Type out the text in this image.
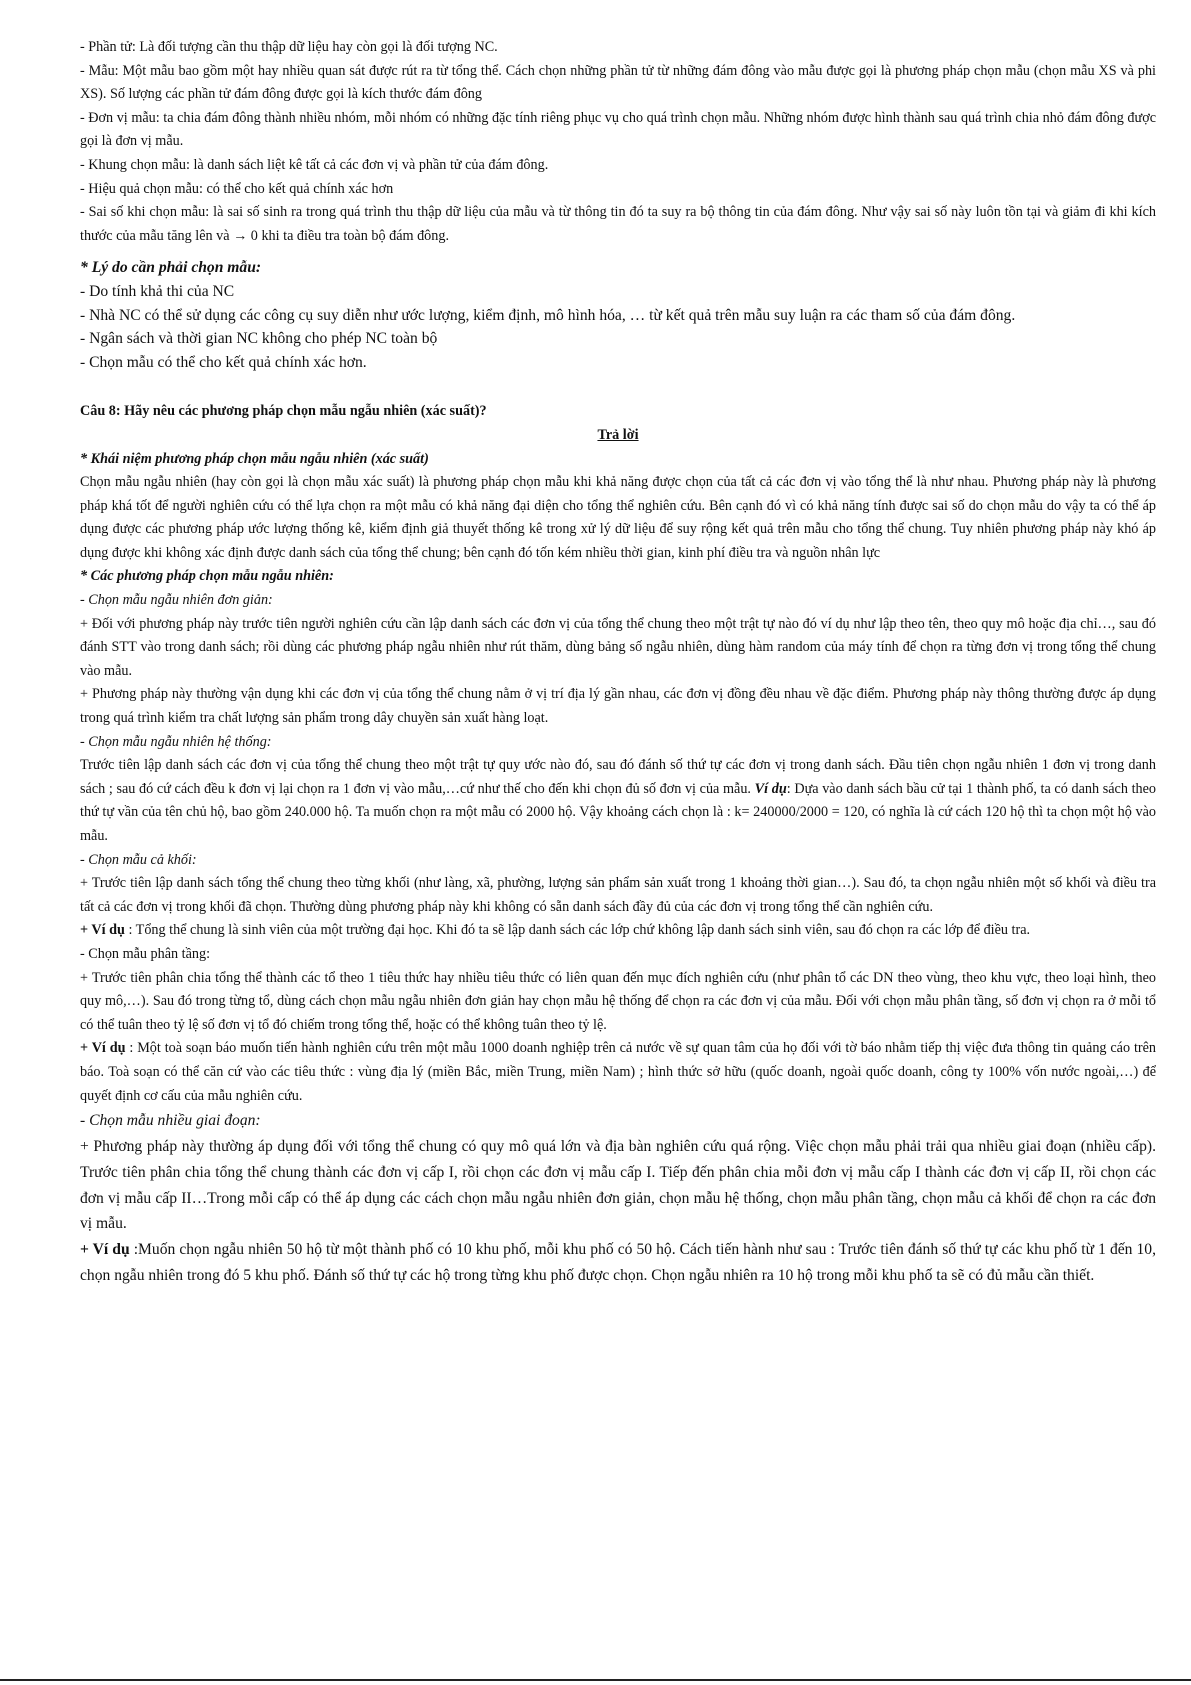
- Phần tử: Là đối tượng cần thu thập dữ liệu hay còn gọi là đối tượng NC.

- Mẫu: Một mẫu bao gồm một hay nhiều quan sát được rút ra từ tổng thể. Cách chọn những phần tử từ những đám đông vào mẫu được gọi là phương pháp chọn mẫu (chọn mẫu XS và phi XS). Số lượng các phần tử đám đông được gọi là kích thước đám đông

- Đơn vị mẫu: ta chia đám đông thành nhiều nhóm, mỗi nhóm có những đặc tính riêng phục vụ cho quá trình chọn mẫu. Những nhóm được hình thành sau quá trình chia nhỏ đám đông được gọi là đơn vị mẫu.

- Khung chọn mẫu: là danh sách liệt kê tất cả các đơn vị và phần tử của đám đông.

- Hiệu quả chọn mẫu: có thể cho kết quả chính xác hơn

- Sai số khi chọn mẫu: là sai số sinh ra trong quá trình thu thập dữ liệu của mẫu và từ thông tin đó ta suy ra bộ thông tin của đám đông. Như vậy sai số này luôn tồn tại và giảm đi khi kích thước của mẫu tăng lên và → 0 khi ta điều tra toàn bộ đám đông.

* Lý do cần phải chọn mẫu:

- Do tính khả thi của NC

- Nhà NC có thể sử dụng các công cụ suy diễn như ước lượng, kiểm định, mô hình hóa, … từ kết quả trên mẫu suy luận ra các tham số của đám đông.

- Ngân sách và thời gian NC không cho phép NC toàn bộ

- Chọn mẫu có thể cho kết quả chính xác hơn.

Câu 8: Hãy nêu các phương pháp chọn mẫu ngẫu nhiên (xác suất)?

Trả lời

* Khái niệm phương pháp chọn mẫu ngẫu nhiên (xác suất)

Chọn mẫu ngẫu nhiên (hay còn gọi là chọn mẫu xác suất) là phương pháp chọn mẫu khi khả năng được chọn của tất cả các đơn vị vào tổng thể là như nhau. Phương pháp này là phương pháp khá tốt để người nghiên cứu có thể lựa chọn ra một mẫu có khả năng đại diện cho tổng thể nghiên cứu. Bên cạnh đó vì có khả năng tính được sai số do chọn mẫu do vậy ta có thể áp dụng được các phương pháp ước lượng thống kê, kiểm định giả thuyết thống kê trong xử lý dữ liệu để suy rộng kết quả trên mẫu cho tổng thể chung. Tuy nhiên phương pháp này khó áp dụng được khi không xác định được danh sách của tổng thể chung; bên cạnh đó tốn kém nhiều thời gian, kinh phí điều tra và nguồn nhân lực

* Các phương pháp chọn mẫu ngẫu nhiên:

- Chọn mẫu ngẫu nhiên đơn giản:

+ Đối với phương pháp này trước tiên người nghiên cứu cần lập danh sách các đơn vị của tổng thể chung theo một trật tự nào đó ví dụ như lập theo tên, theo quy mô hoặc địa chỉ…, sau đó đánh STT vào trong danh sách; rồi dùng các phương pháp ngẫu nhiên như rút thăm, dùng bảng số ngẫu nhiên, dùng hàm random của máy tính để chọn ra từng đơn vị trong tổng thể chung vào mẫu.

+ Phương pháp này thường vận dụng khi các đơn vị của tổng thể chung nằm ở vị trí địa lý gần nhau, các đơn vị đồng đều nhau về đặc điểm. Phương pháp này thông thường được áp dụng trong quá trình kiểm tra chất lượng sản phẩm trong dây chuyền sản xuất hàng loạt.

- Chọn mẫu ngẫu nhiên hệ thống:

Trước tiên lập danh sách các đơn vị của tổng thể chung theo một trật tự quy ước nào đó, sau đó đánh số thứ tự các đơn vị trong danh sách. Đầu tiên chọn ngẫu nhiên 1 đơn vị trong danh sách ; sau đó cứ cách đều k đơn vị lại chọn ra 1 đơn vị vào mẫu,…cứ như thế cho đến khi chọn đủ số đơn vị của mẫu. Ví dụ: Dựa vào danh sách bầu cử tại 1 thành phố, ta có danh sách theo thứ tự vần của tên chủ hộ, bao gồm 240.000 hộ. Ta muốn chọn ra một mẫu có 2000 hộ. Vậy khoảng cách chọn là : k= 240000/2000 = 120, có nghĩa là cứ cách 120 hộ thì ta chọn một hộ vào mẫu.

- Chọn mẫu cả khối:

+ Trước tiên lập danh sách tổng thể chung theo từng khối (như làng, xã, phường, lượng sản phẩm sản xuất trong 1 khoảng thời gian…). Sau đó, ta chọn ngẫu nhiên một số khối và điều tra tất cả các đơn vị trong khối đã chọn. Thường dùng phương pháp này khi không có sẵn danh sách đầy đủ của các đơn vị trong tổng thể cần nghiên cứu.

+ Ví dụ : Tổng thể chung là sinh viên của một trường đại học. Khi đó ta sẽ lập danh sách các lớp chứ không lập danh sách sinh viên, sau đó chọn ra các lớp để điều tra.

- Chọn mẫu phân tầng:

+ Trước tiên phân chia tổng thể thành các tổ theo 1 tiêu thức hay nhiều tiêu thức có liên quan đến mục đích nghiên cứu (như phân tổ các DN theo vùng, theo khu vực, theo loại hình, theo quy mô,…). Sau đó trong từng tổ, dùng cách chọn mẫu ngẫu nhiên đơn giản hay chọn mẫu hệ thống để chọn ra các đơn vị của mẫu. Đối với chọn mẫu phân tầng, số đơn vị chọn ra ở mỗi tổ có thể tuân theo tỷ lệ số đơn vị tổ đó chiếm trong tổng thể, hoặc có thể không tuân theo tỷ lệ.

+ Ví dụ : Một toà soạn báo muốn tiến hành nghiên cứu trên một mẫu 1000 doanh nghiệp trên cả nước về sự quan tâm của họ đối với tờ báo nhằm tiếp thị việc đưa thông tin quảng cáo trên báo. Toà soạn có thể căn cứ vào các tiêu thức : vùng địa lý (miền Bắc, miền Trung, miền Nam) ; hình thức sở hữu (quốc doanh, ngoài quốc doanh, công ty 100% vốn nước ngoài,…) để quyết định cơ cấu của mẫu nghiên cứu.

- Chọn mẫu nhiều giai đoạn:

+ Phương pháp này thường áp dụng đối với tổng thể chung có quy mô quá lớn và địa bàn nghiên cứu quá rộng. Việc chọn mẫu phải trải qua nhiều giai đoạn (nhiều cấp). Trước tiên phân chia tổng thể chung thành các đơn vị cấp I, rồi chọn các đơn vị mẫu cấp I. Tiếp đến phân chia mỗi đơn vị mẫu cấp I thành các đơn vị cấp II, rồi chọn các đơn vị mẫu cấp II…Trong mỗi cấp có thể áp dụng các cách chọn mẫu ngẫu nhiên đơn giản, chọn mẫu hệ thống, chọn mẫu phân tầng, chọn mẫu cả khối để chọn ra các đơn vị mẫu.

+ Ví dụ :Muốn chọn ngẫu nhiên 50 hộ từ một thành phố có 10 khu phố, mỗi khu phố có 50 hộ. Cách tiến hành như sau : Trước tiên đánh số thứ tự các khu phố từ 1 đến 10, chọn ngẫu nhiên trong đó 5 khu phố. Đánh số thứ tự các hộ trong từng khu phố được chọn. Chọn ngẫu nhiên ra 10 hộ trong mỗi khu phố ta sẽ có đủ mẫu cần thiết.
